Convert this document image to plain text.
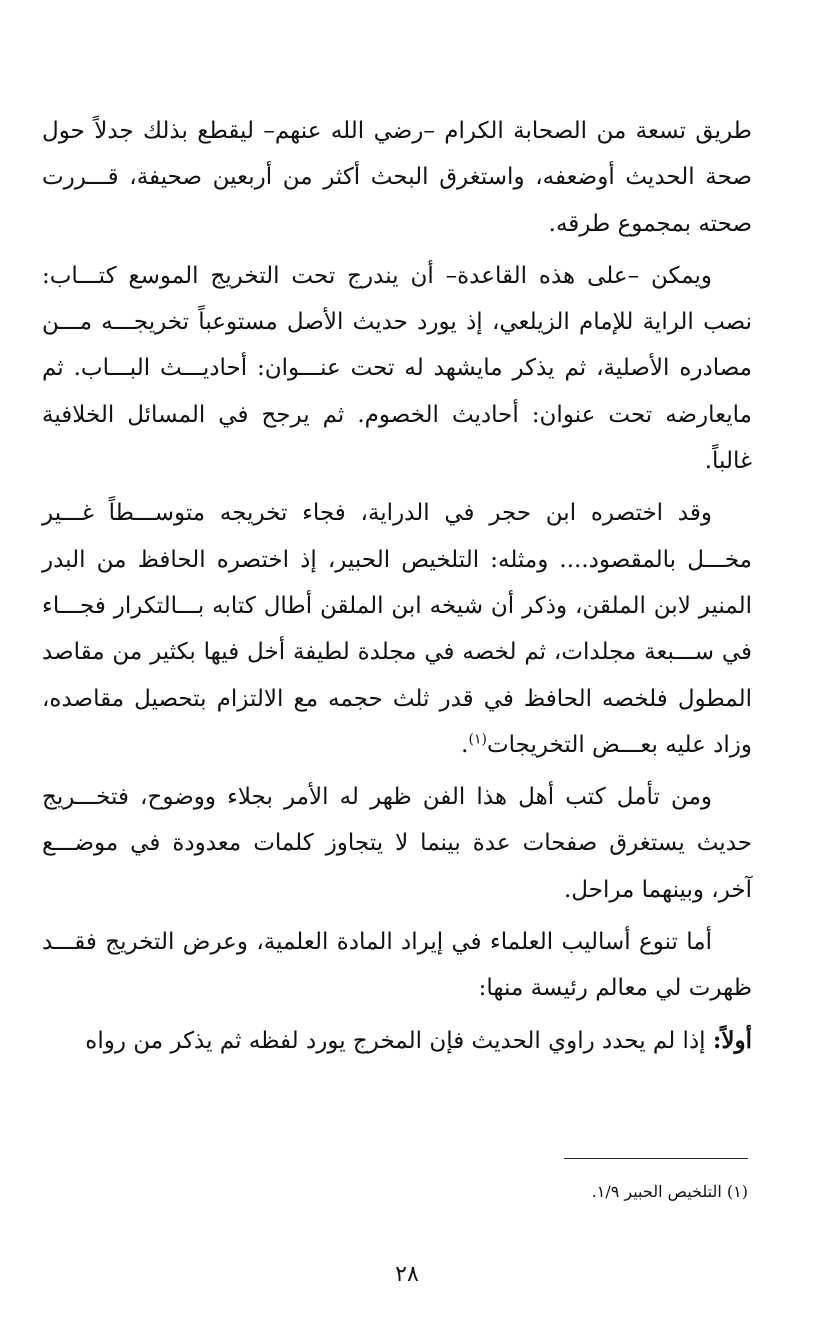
طريق تسعة من الصحابة الكرام –رضي الله عنهم– ليقطع بذلك جدلاً حول صحة الحديث أوضعفه، واستغرق البحث أكثر من أربعين صحيفة، قـــررت صحته بمجموع طرقه.

ويمكن –على هذه القاعدة– أن يندرج تحت التخريج الموسع كتـــاب: نصب الراية للإمام الزيلعي، إذ يورد حديث الأصل مستوعباً تخريجـــه مـــن مصادره الأصلية، ثم يذكر مايشهد له تحت عنـــوان: أحاديـــث البـــاب. ثم مايعارضه تحت عنوان: أحاديث الخصوم. ثم يرجح في المسائل الخلافية غالباً.

وقد اختصره ابن حجر في الدراية، فجاء تخريجه متوســـطاً غـــير مخـــل بالمقصود.... ومثله: التلخيص الحبير، إذ اختصره الحافظ من البدر المنير لابن الملقن، وذكر أن شيخه ابن الملقن أطال كتابه بـــالتكرار فجـــاء في ســـبعة مجلدات، ثم لخصه في مجلدة لطيفة أخل فيها بكثير من مقاصد المطول فلخصه الحافظ في قدر ثلث حجمه مع الالتزام بتحصيل مقاصده، وزاد عليه بعـــض التخريجات$^{(١)}$.

ومن تأمل كتب أهل هذا الفن ظهر له الأمر بجلاء ووضوح، فتخـــريج حديث يستغرق صفحات عدة بينما لا يتجاوز كلمات معدودة في موضـــع آخر، وبينهما مراحل.

أما تنوع أساليب العلماء في إيراد المادة العلمية، وعرض التخريج فقـــد ظهرت لي معالم رئيسة منها:

أولاً: إذا لم يحدد راوي الحديث فإن المخرج يورد لفظه ثم يذكر من رواه

(١) التلخيص الحبير ١/٩.
٢٨
